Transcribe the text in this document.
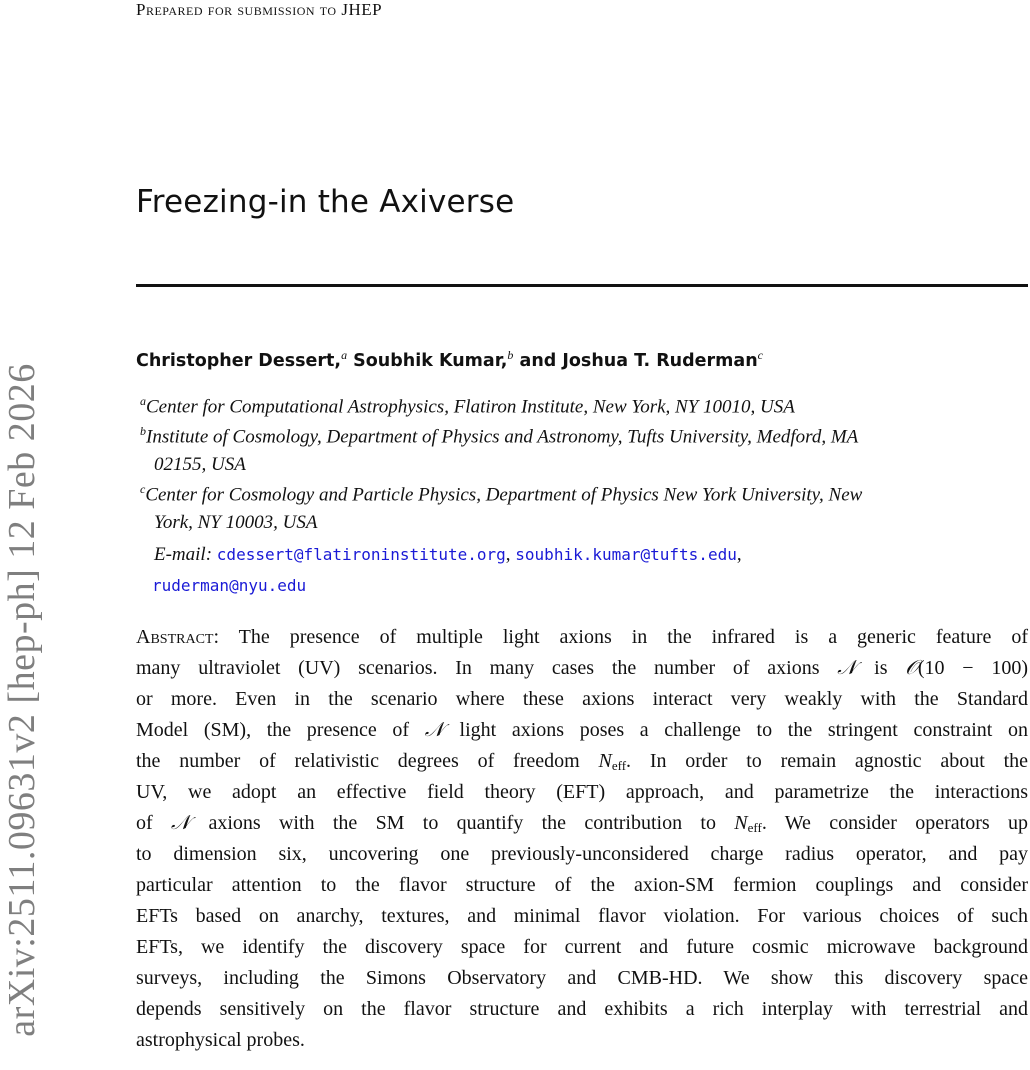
Prepared for submission to JHEP
Freezing-in the Axiverse
Christopher Dessert,$^a$ Soubhik Kumar,$^b$ and Joshua T. Ruderman$^c$
$^a$Center for Computational Astrophysics, Flatiron Institute, New York, NY 10010, USA
$^b$Institute of Cosmology, Department of Physics and Astronomy, Tufts University, Medford, MA
02155, USA
$^c$Center for Cosmology and Particle Physics, Department of Physics New York University, New
York, NY 10003, USA
E-mail: cdessert@flatironinstitute.org, soubhik.kumar@tufts.edu,
ruderman@nyu.edu
Abstract: The presence of multiple light axions in the infrared is a generic feature of
many ultraviolet (UV) scenarios. In many cases the number of axions 𝒩 is 𝒪(10 − 100)
or more. Even in the scenario where these axions interact very weakly with the Standard
Model (SM), the presence of 𝒩 light axions poses a challenge to the stringent constraint on
the number of relativistic degrees of freedom $N_{eff}$. In order to remain agnostic about the
UV, we adopt an effective field theory (EFT) approach, and parametrize the interactions
of 𝒩 axions with the SM to quantify the contribution to $N_{eff}$. We consider operators up
to dimension six, uncovering one previously-unconsidered charge radius operator, and pay
particular attention to the flavor structure of the axion-SM fermion couplings and consider
EFTs based on anarchy, textures, and minimal flavor violation. For various choices of such
EFTs, we identify the discovery space for current and future cosmic microwave background
surveys, including the Simons Observatory and CMB-HD. We show this discovery space
depends sensitively on the flavor structure and exhibits a rich interplay with terrestrial and
astrophysical probes.
arXiv:2511.09631v2 [hep-ph] 12 Feb 2026
